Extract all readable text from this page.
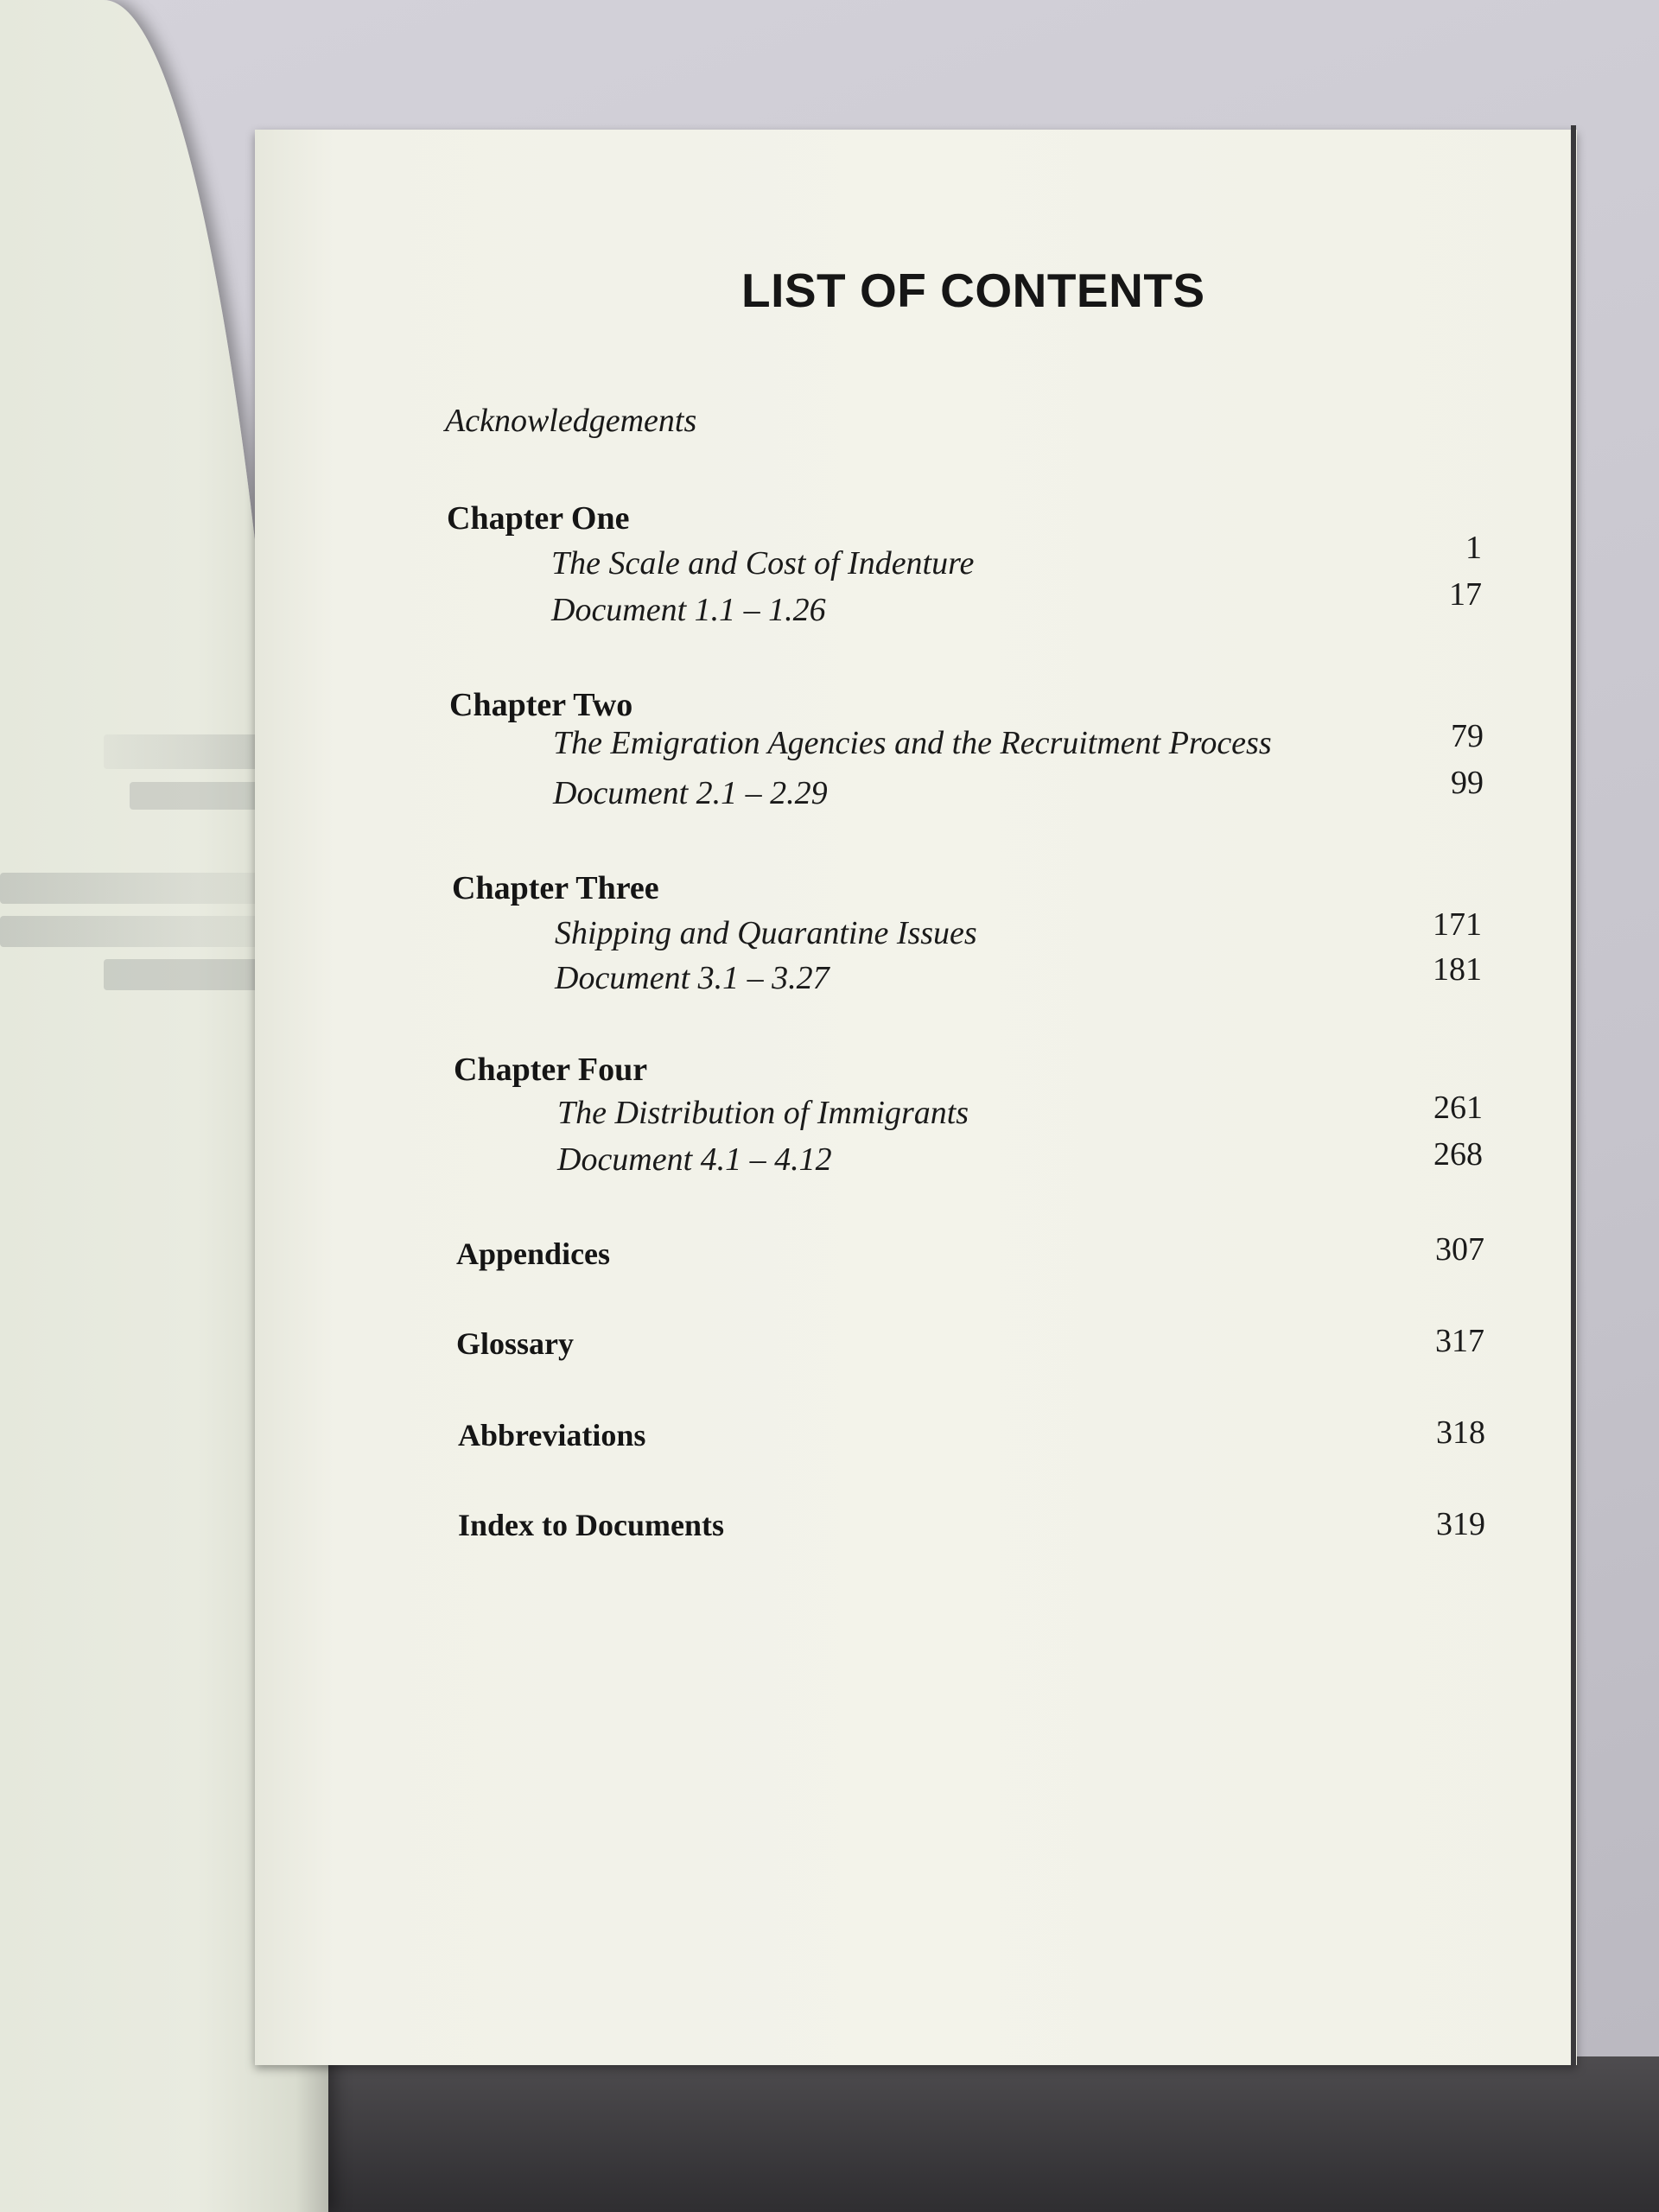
LIST OF CONTENTS
Acknowledgements
Chapter One
The Scale and Cost of Indenture	1
Document 1.1 – 1.26	17
Chapter Two
The Emigration Agencies and the Recruitment Process	79
Document 2.1 – 2.29	99
Chapter Three
Shipping and Quarantine Issues	171
Document 3.1 – 3.27	181
Chapter Four
The Distribution of Immigrants	261
Document 4.1 – 4.12	268
Appendices	307
Glossary	317
Abbreviations	318
Index to Documents	319
